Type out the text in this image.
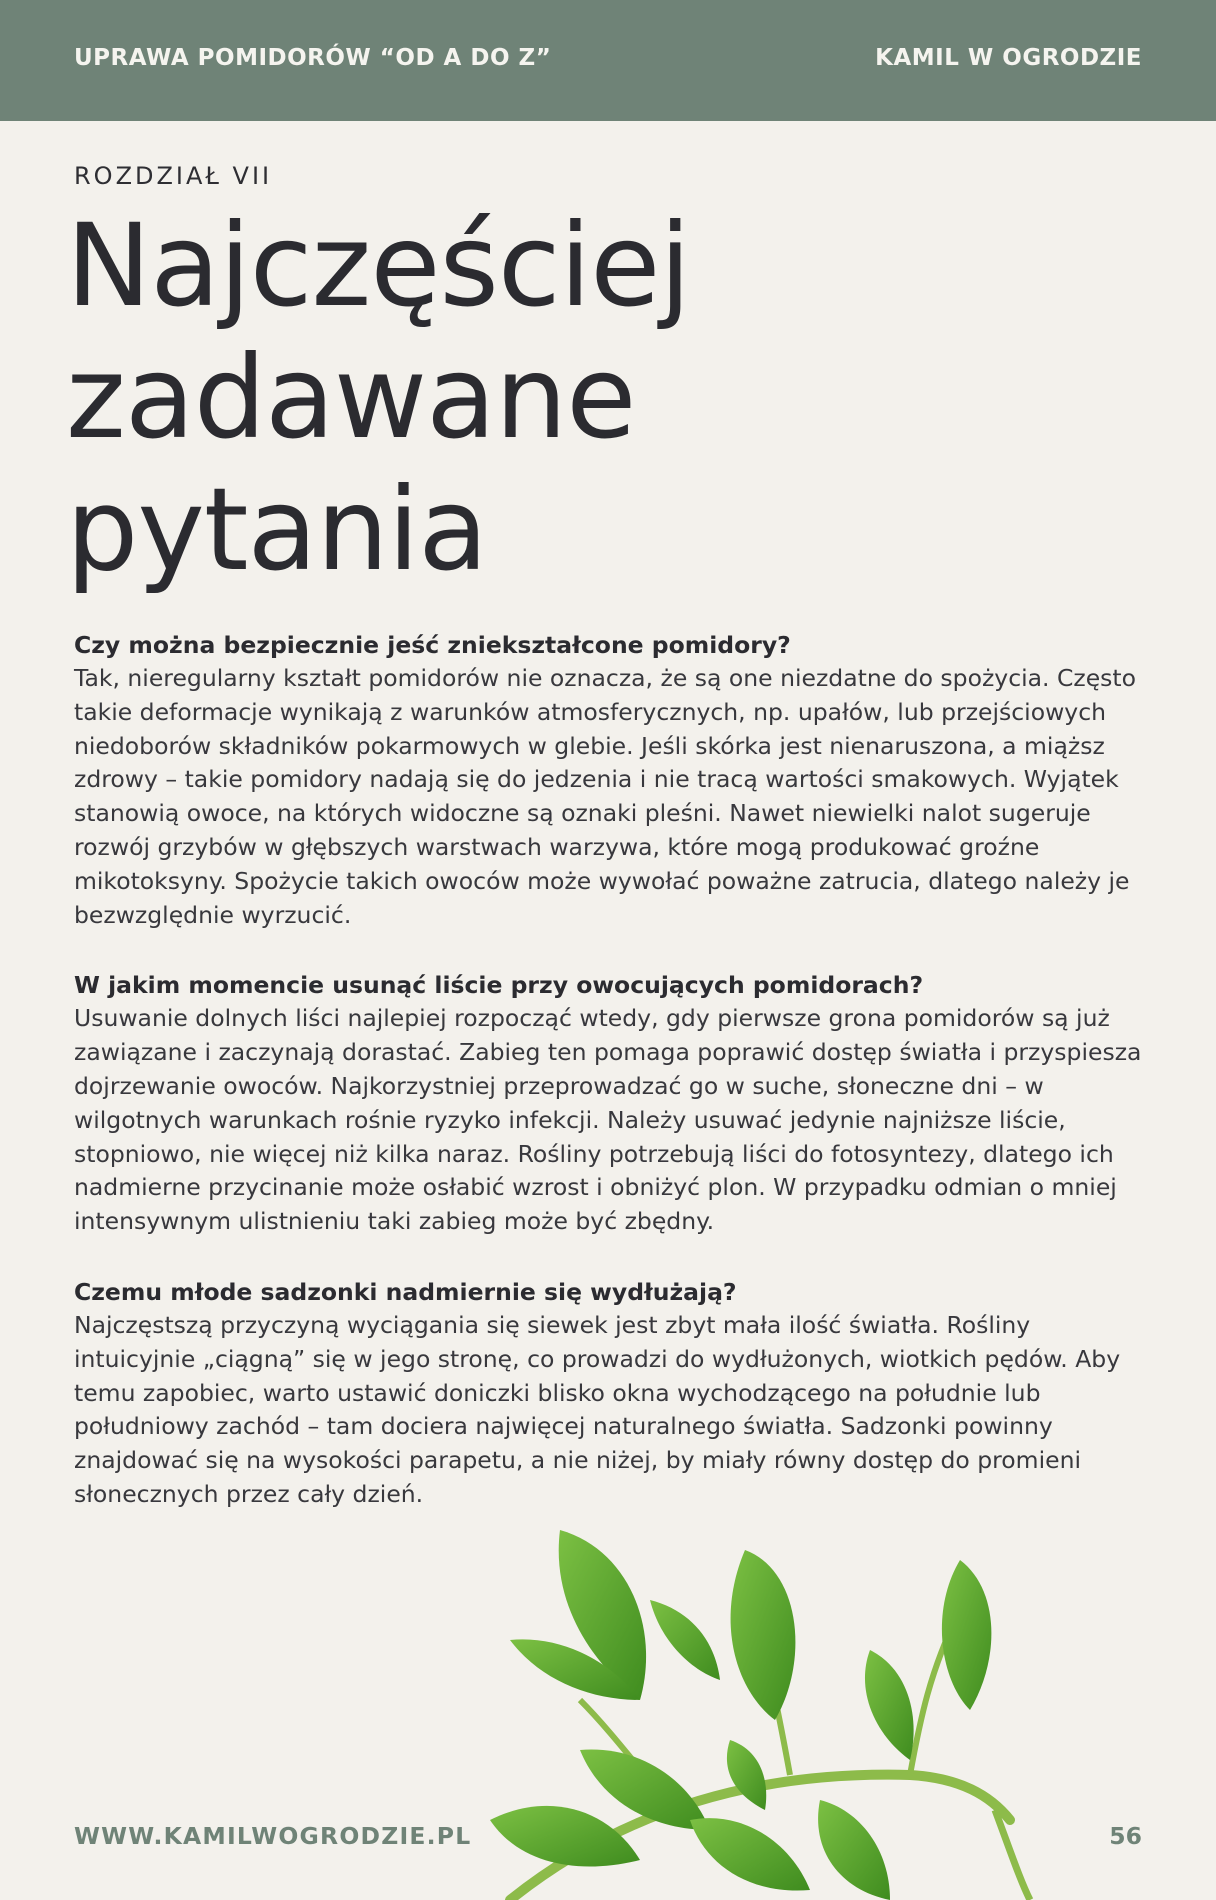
UPRAWA POMIDORÓW “OD A DO Z”	KAMIL W OGRODZIE
ROZDZIAŁ VII
Najczęściej
zadawane
pytania
Czy można bezpiecznie jeść zniekształcone pomidory?
Tak, nieregularny kształt pomidorów nie oznacza, że są one niezdatne do spożycia. Często takie deformacje wynikają z warunków atmosferycznych, np. upałów, lub przejściowych niedoborów składników pokarmowych w glebie. Jeśli skórka jest nienaruszona, a miąższ zdrowy – takie pomidory nadają się do jedzenia i nie tracą wartości smakowych. Wyjątek stanowią owoce, na których widoczne są oznaki pleśni. Nawet niewielki nalot sugeruje rozwój grzybów w głębszych warstwach warzywa, które mogą produkować groźne mikotoksyny. Spożycie takich owoców może wywołać poważne zatrucia, dlatego należy je bezwzględnie wyrzucić.
W jakim momencie usunąć liście przy owocujących pomidorach?
Usuwanie dolnych liści najlepiej rozpocząć wtedy, gdy pierwsze grona pomidorów są już zawiązane i zaczynają dorastać. Zabieg ten pomaga poprawić dostęp światła i przyspiesza dojrzewanie owoców. Najkorzystniej przeprowadzać go w suche, słoneczne dni – w wilgotnych warunkach rośnie ryzyko infekcji. Należy usuwać jedynie najniższe liście, stopniowo, nie więcej niż kilka naraz. Rośliny potrzebują liści do fotosyntezy, dlatego ich nadmierne przycinanie może osłabić wzrost i obniżyć plon. W przypadku odmian o mniej intensywnym ulistnieniu taki zabieg może być zbędny.
Czemu młode sadzonki nadmiernie się wydłużają?
Najczęstszą przyczyną wyciągania się siewek jest zbyt mała ilość światła. Rośliny intuicyjnie „ciągną” się w jego stronę, co prowadzi do wydłużonych, wiotkich pędów. Aby temu zapobiec, warto ustawić doniczki blisko okna wychodzącego na południe lub południowy zachód – tam dociera najwięcej naturalnego światła. Sadzonki powinny znajdować się na wysokości parapetu, a nie niżej, by miały równy dostęp do promieni słonecznych przez cały dzień.
WWW.KAMILWOGRODZIE.PL	56
